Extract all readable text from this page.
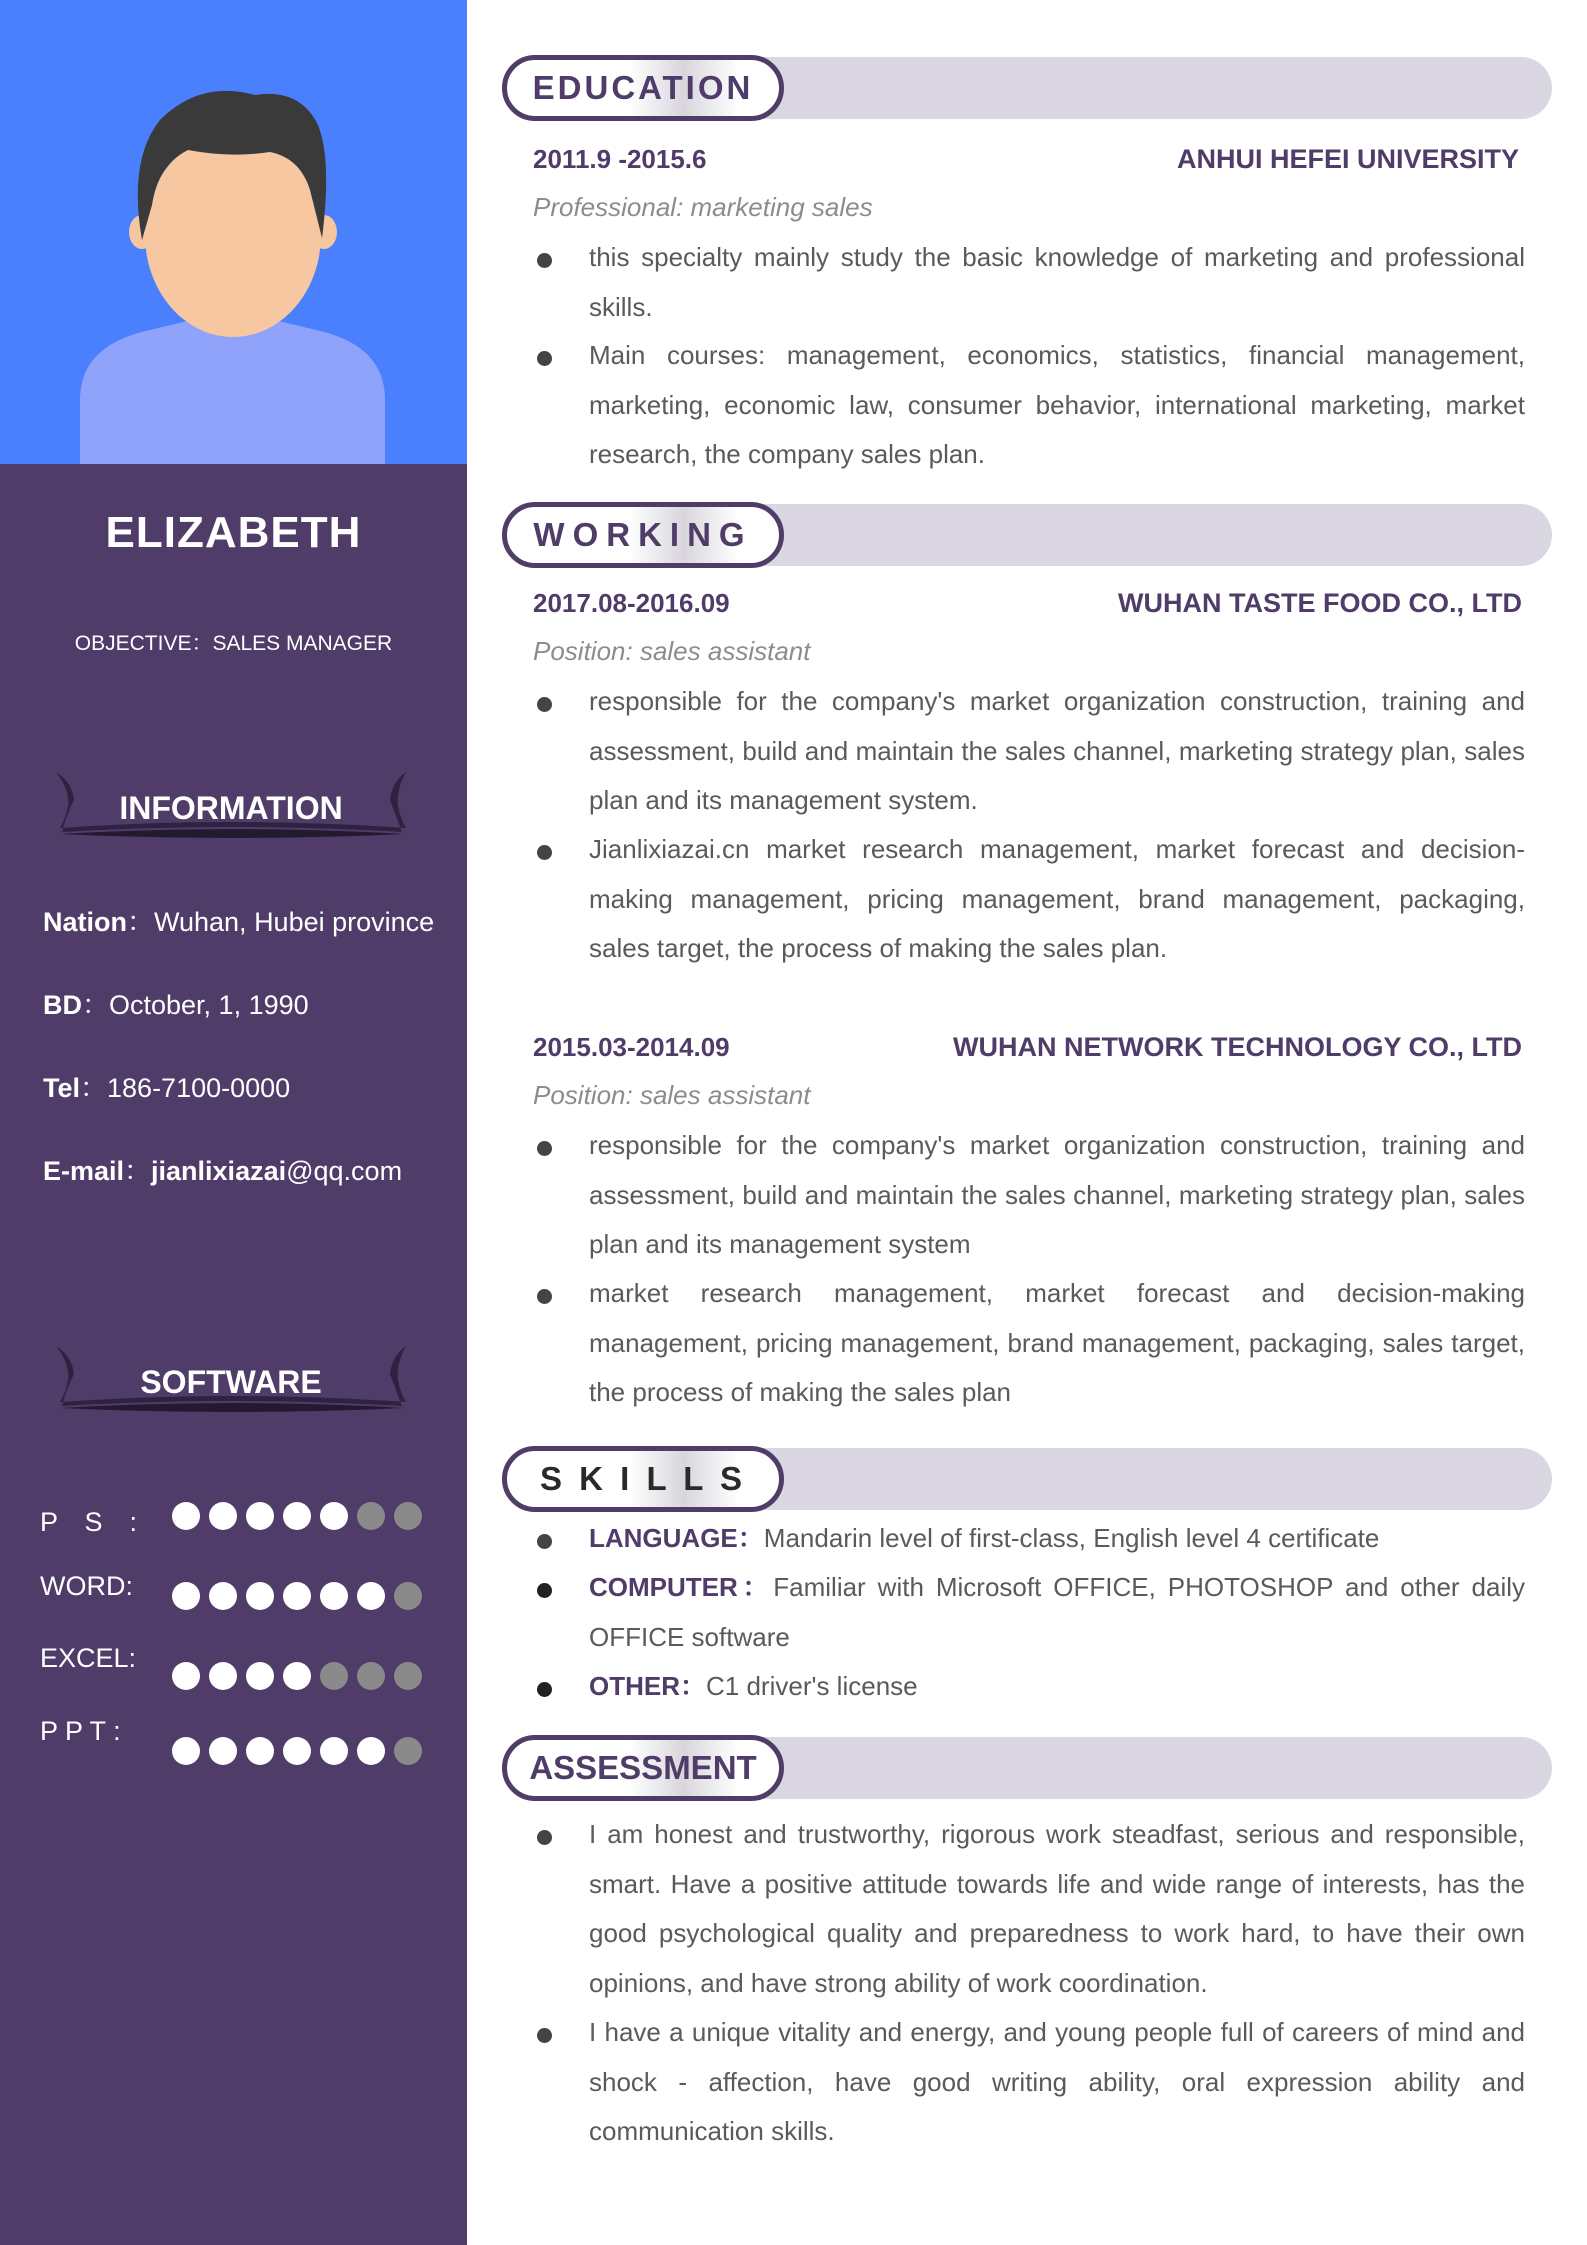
ELIZABETH
OBJECTIVE：SALES MANAGER
INFORMATION
Nation：Wuhan, Hubei province
BD：October, 1, 1990
Tel：186-7100-0000
E-mail：jianlixiazai@qq.com
SOFTWARE
P　S　:
WORD:
EXCEL:
P P T :
EDUCATION
2011.9 -2015.6	ANHUI HEFEI UNIVERSITY
Professional: marketing sales
this specialty mainly study the basic knowledge of marketing and professional skills.
Main courses: management, economics, statistics, financial management, marketing, economic law, consumer behavior, international marketing, market research, the company sales plan.
WORKING
2017.08-2016.09	WUHAN TASTE FOOD CO., LTD
Position: sales assistant
responsible for the company's market organization construction, training and assessment, build and maintain the sales channel, marketing strategy plan, sales plan and its management system.
Jianlixiazai.cn market research management, market forecast and decision-making management, pricing management, brand management, packaging, sales target, the process of making the sales plan.
2015.03-2014.09	WUHAN NETWORK TECHNOLOGY CO., LTD
Position: sales assistant
responsible for the company's market organization construction, training and assessment, build and maintain the sales channel, marketing strategy plan, sales plan and its management system
market research management, market forecast and decision-making management, pricing management, brand management, packaging, sales target, the process of making the sales plan
S K I L L S
LANGUAGE：Mandarin level of first-class, English level 4 certificate
COMPUTER：Familiar with Microsoft OFFICE, PHOTOSHOP and other daily OFFICE software
OTHER：C1 driver's license
ASSESSMENT
I am honest and trustworthy, rigorous work steadfast, serious and responsible, smart. Have a positive attitude towards life and wide range of interests, has the good psychological quality and preparedness to work hard, to have their own opinions, and have strong ability of work coordination.
I have a unique vitality and energy, and young people full of careers of mind and shock - affection, have good writing ability, oral expression ability and communication skills.
